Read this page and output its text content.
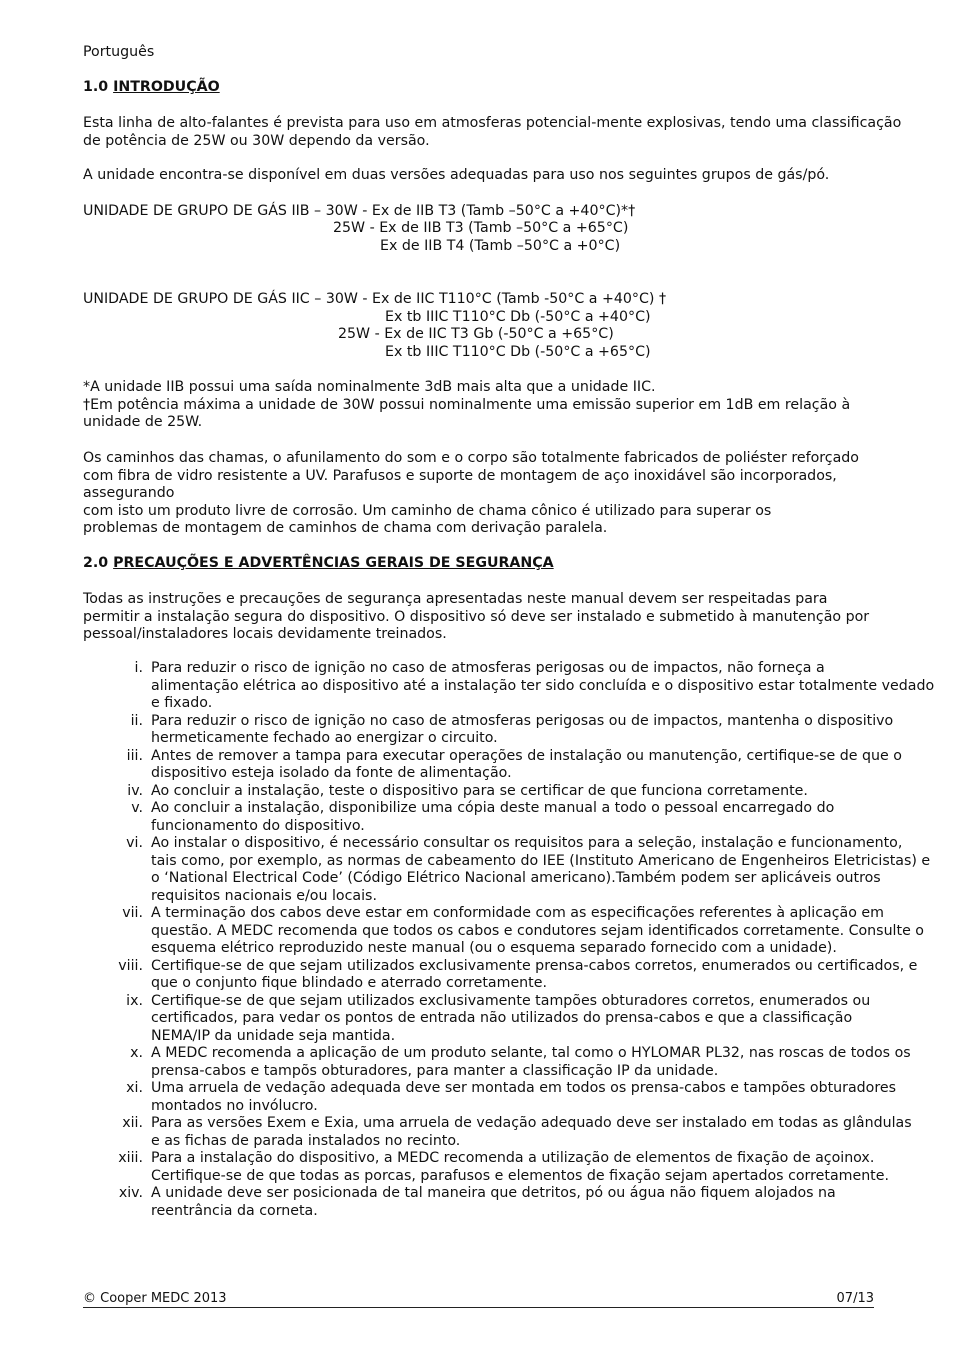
Português
1.0 INTRODUÇÃO
Esta linha de alto-falantes é prevista para uso em atmosferas potencial-mente explosivas, tendo uma classificação
de potência de 25W ou 30W dependo da versão.
A unidade encontra-se disponível em duas versões adequadas para uso nos seguintes grupos de gás/pó.
UNIDADE DE GRUPO DE GÁS IIB – 30W - Ex de IIB T3 (Tamb –50°C a +40°C)*†
25W - Ex de IIB T3 (Tamb –50°C a +65°C)
Ex de IIB T4 (Tamb –50°C a +0°C)
UNIDADE DE GRUPO DE GÁS IIC – 30W - Ex de IIC T110°C (Tamb -50°C a +40°C) †
Ex tb IIIC T110°C Db (-50°C a +40°C)
25W - Ex de IIC T3 Gb (-50°C a +65°C)
Ex tb IIIC T110°C Db (-50°C a +65°C)
*A unidade IIB possui uma saída nominalmente 3dB mais alta que a unidade IIC.
†Em potência máxima a unidade de 30W possui nominalmente uma emissão superior em 1dB em relação à
unidade de 25W.
Os caminhos das chamas, o afunilamento do som e o corpo são totalmente fabricados de poliéster reforçado
com fibra de vidro resistente a UV. Parafusos e suporte de montagem de aço inoxidável são incorporados,
assegurando
com isto um produto livre de corrosão. Um caminho de chama cônico é utilizado para superar os
problemas de montagem de caminhos de chama com derivação paralela.
2.0 PRECAUÇÕES E ADVERTÊNCIAS GERAIS DE SEGURANÇA
Todas as instruções e precauções de segurança apresentadas neste manual devem ser respeitadas para
permitir a instalação segura do dispositivo. O dispositivo só deve ser instalado e submetido à manutenção por
pessoal/instaladores locais devidamente treinados.
i. Para reduzir o risco de ignição no caso de atmosferas perigosas ou de impactos, não forneça a
alimentação elétrica ao dispositivo até a instalação ter sido concluída e o dispositivo estar totalmente vedado
e fixado.
ii. Para reduzir o risco de ignição no caso de atmosferas perigosas ou de impactos, mantenha o dispositivo
hermeticamente fechado ao energizar o circuito.
iii. Antes de remover a tampa para executar operações de instalação ou manutenção, certifique-se de que o
dispositivo esteja isolado da fonte de alimentação.
iv. Ao concluir a instalação, teste o dispositivo para se certificar de que funciona corretamente.
v. Ao concluir a instalação, disponibilize uma cópia deste manual a todo o pessoal encarregado do
funcionamento do dispositivo.
vi. Ao instalar o dispositivo, é necessário consultar os requisitos para a seleção, instalação e funcionamento,
tais como, por exemplo, as normas de cabeamento do IEE (Instituto Americano de Engenheiros Eletricistas) e
o ‘National Electrical Code’ (Código Elétrico Nacional americano).Também podem ser aplicáveis outros
requisitos nacionais e/ou locais.
vii. A terminação dos cabos deve estar em conformidade com as especificações referentes à aplicação em
questão. A MEDC recomenda que todos os cabos e condutores sejam identificados corretamente. Consulte o
esquema elétrico reproduzido neste manual (ou o esquema separado fornecido com a unidade).
viii. Certifique-se de que sejam utilizados exclusivamente prensa-cabos corretos, enumerados ou certificados, e
que o conjunto fique blindado e aterrado corretamente.
ix. Certifique-se de que sejam utilizados exclusivamente tampões obturadores corretos, enumerados ou
certificados, para vedar os pontos de entrada não utilizados do prensa-cabos e que a classificação
NEMA/IP da unidade seja mantida.
x. A MEDC recomenda a aplicação de um produto selante, tal como o HYLOMAR PL32, nas roscas de todos os
prensa-cabos e tampõs obturadores, para manter a classificação IP da unidade.
xi. Uma arruela de vedação adequada deve ser montada em todos os prensa-cabos e tampões obturadores
montados no invólucro.
xii. Para as versões Exem e Exia, uma arruela de vedação adequado deve ser instalado em todas as glândulas
e as fichas de parada instalados no recinto.
xiii. Para a instalação do dispositivo, a MEDC recomenda a utilização de elementos de fixação de açoinox.
Certifique-se de que todas as porcas, parafusos e elementos de fixação sejam apertados corretamente.
xiv. A unidade deve ser posicionada de tal maneira que detritos, pó ou água não fiquem alojados na
reentrância da corneta.
© Cooper MEDC 2013	07/13
